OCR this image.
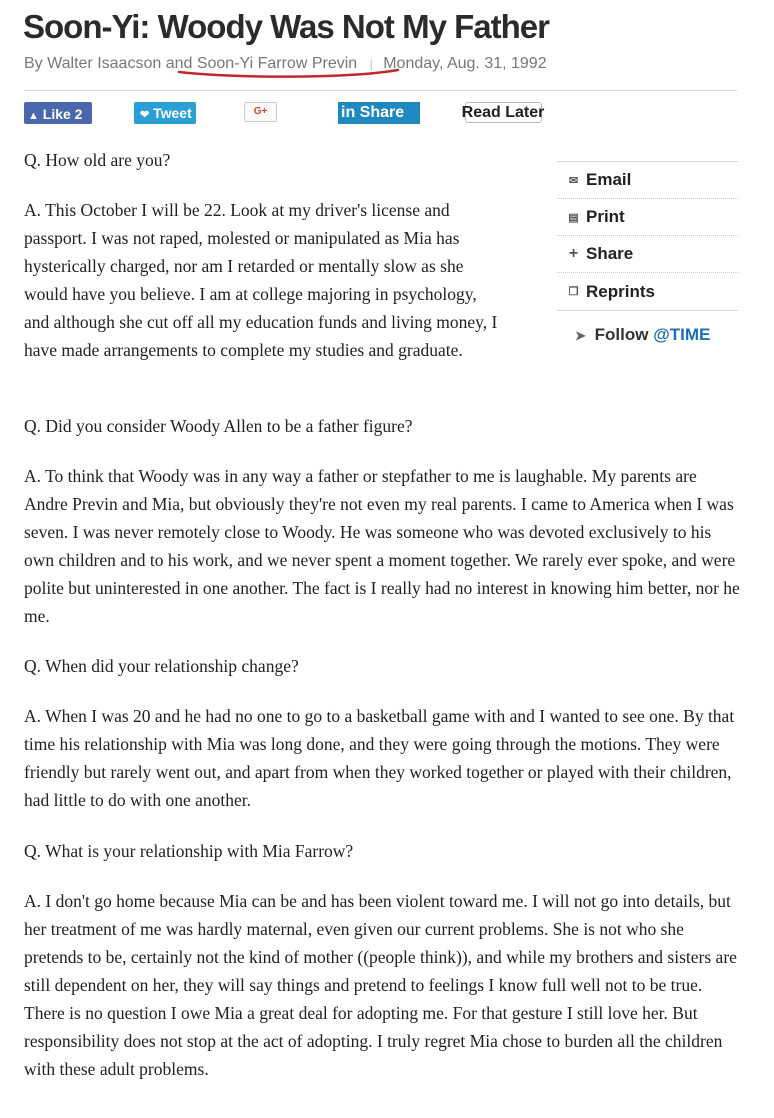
Soon-Yi: Woody Was Not My Father
By Walter Isaacson and Soon-Yi Farrow Previn | Monday, Aug. 31, 1992
▲ Like 2	❤ Tweet	G+	in Share	Read Later
✉ Email
▤ Print
+ Share
❐ Reprints
➤ Follow @TIME

Q. How old are you?

A. This October I will be 22. Look at my driver's license and passport. I was not raped, molested or manipulated as Mia has hysterically charged, nor am I retarded or mentally slow as she would have you believe. I am at college majoring in psychology, and although she cut off all my education funds and living money, I have made arrangements to complete my studies and graduate.

Q. Did you consider Woody Allen to be a father figure?

A. To think that Woody was in any way a father or stepfather to me is laughable. My parents are Andre Previn and Mia, but obviously they're not even my real parents. I came to America when I was seven. I was never remotely close to Woody. He was someone who was devoted exclusively to his own children and to his work, and we never spent a moment together. We rarely ever spoke, and were polite but uninterested in one another. The fact is I really had no interest in knowing him better, nor he me.

Q. When did your relationship change?

A. When I was 20 and he had no one to go to a basketball game with and I wanted to see one. By that time his relationship with Mia was long done, and they were going through the motions. They were friendly but rarely went out, and apart from when they worked together or played with their children, had little to do with one another.

Q. What is your relationship with Mia Farrow?

A. I don't go home because Mia can be and has been violent toward me. I will not go into details, but her treatment of me was hardly maternal, even given our current problems. She is not who she pretends to be, certainly not the kind of mother ((people think)), and while my brothers and sisters are still dependent on her, they will say things and pretend to feelings I know full well not to be true. There is no question I owe Mia a great deal for adopting me. For that gesture I still love her. But responsibility does not stop at the act of adopting. I truly regret Mia chose to burden all the children with these adult problems.
